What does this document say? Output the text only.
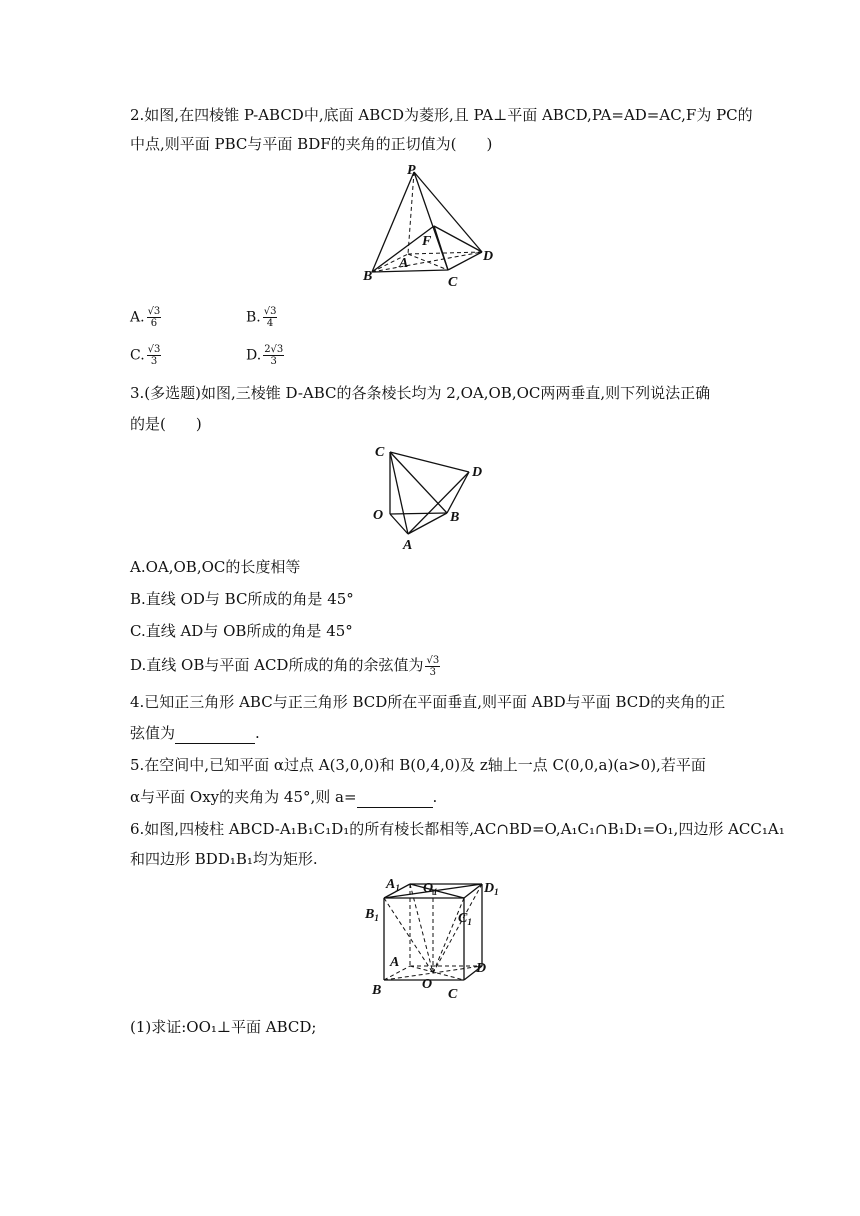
2.如图,在四棱锥 P-ABCD中,底面 ABCD为菱形,且 PA⊥平面 ABCD,PA=AD=AC,F为 PC的
中点,则平面 PBC与平面 BDF的夹角的正切值为(　　)
P
F
A
B	C
D
A. $\frac{√3}{6}$	B. $\frac{√3}{4}$
C. $\frac{√3}{3}$	D. $\frac{2√3}{3}$
3.(多选题)如图,三棱锥 D-ABC的各条棱长均为 2,OA,OB,OC两两垂直,则下列说法正确
的是(　　)
C
D
O	B
A
A.OA,OB,OC的长度相等
B.直线 OD与 BC所成的角是 45°
C.直线 AD与 OB所成的角是 45°
D.直线 OB与平面 ACD所成的角的余弦值为 $\frac{√3}{3}$
4.已知正三角形 ABC与正三角形 BCD所在平面垂直,则平面 ABD与平面 BCD的夹角的正
弦值为	.
5.在空间中,已知平面 α过点 A(3,0,0)和 B(0,4,0)及 z轴上一点 C(0,0,a)(a>0),若平面
α与平面 Oxy的夹角为 45°,则 a=	.
6.如图,四棱柱 ABCD-A₁B₁C₁D₁的所有棱长都相等,AC∩BD=O,A₁C₁∩B₁D₁=O₁,四边形 ACC₁A₁
和四边形 BDD₁B₁均为矩形.
$A_1$ $O_1$	$D_1$
$B_1$	$C_1$
A
O
D
B	C
(1)求证:OO₁⊥平面 ABCD;
